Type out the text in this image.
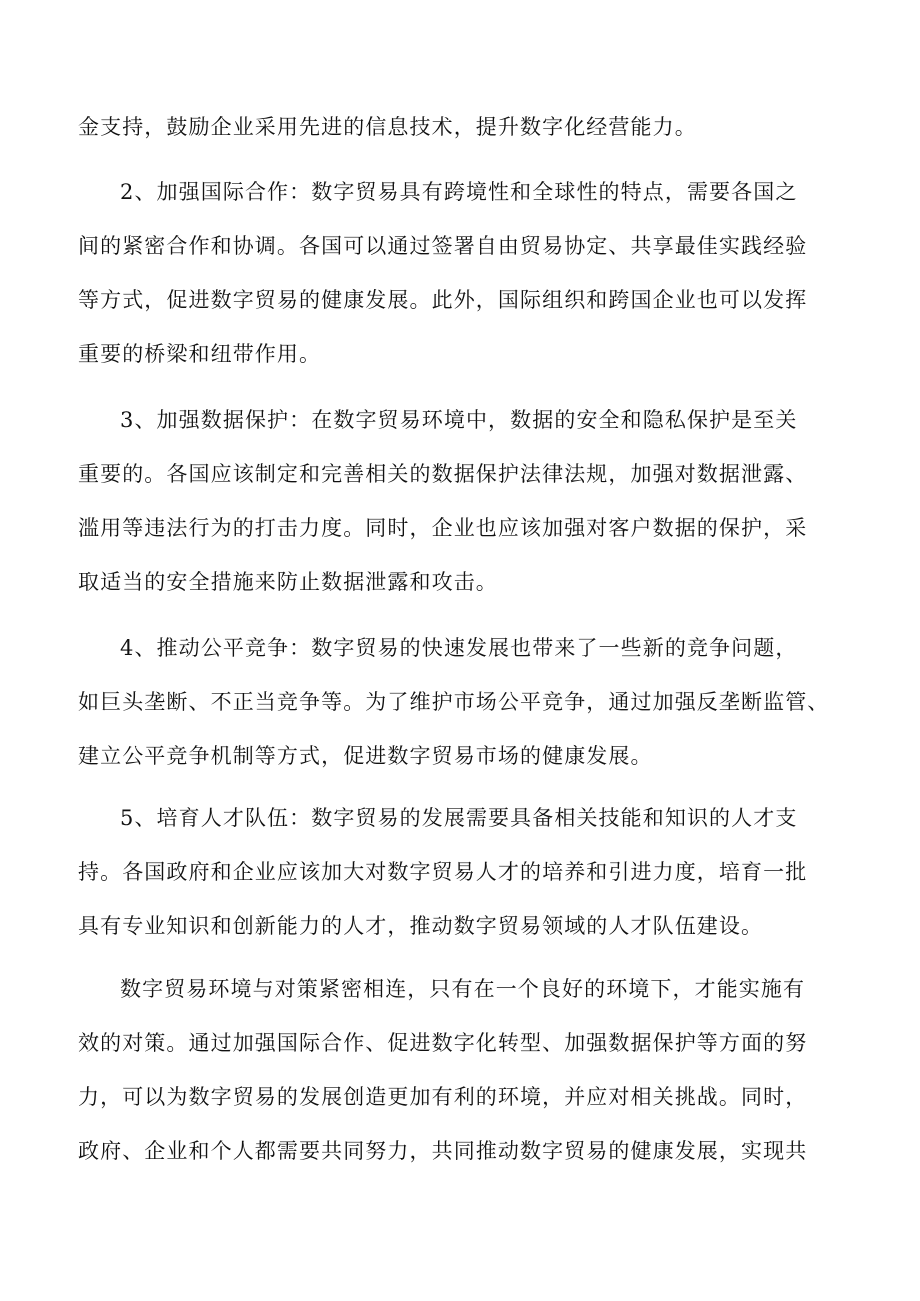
金支持，鼓励企业采用先进的信息技术，提升数字化经营能力。
2、加强国际合作：数字贸易具有跨境性和全球性的特点，需要各国之
间的紧密合作和协调。各国可以通过签署自由贸易协定、共享最佳实践经验
等方式，促进数字贸易的健康发展。此外，国际组织和跨国企业也可以发挥
重要的桥梁和纽带作用。
3、加强数据保护：在数字贸易环境中，数据的安全和隐私保护是至关
重要的。各国应该制定和完善相关的数据保护法律法规，加强对数据泄露、
滥用等违法行为的打击力度。同时，企业也应该加强对客户数据的保护，采
取适当的安全措施来防止数据泄露和攻击。
4、推动公平竞争：数字贸易的快速发展也带来了一些新的竞争问题，
如巨头垄断、不正当竞争等。为了维护市场公平竞争，通过加强反垄断监管、
建立公平竞争机制等方式，促进数字贸易市场的健康发展。
5、培育人才队伍：数字贸易的发展需要具备相关技能和知识的人才支
持。各国政府和企业应该加大对数字贸易人才的培养和引进力度，培育一批
具有专业知识和创新能力的人才，推动数字贸易领域的人才队伍建设。
数字贸易环境与对策紧密相连，只有在一个良好的环境下，才能实施有
效的对策。通过加强国际合作、促进数字化转型、加强数据保护等方面的努
力，可以为数字贸易的发展创造更加有利的环境，并应对相关挑战。同时，
政府、企业和个人都需要共同努力，共同推动数字贸易的健康发展，实现共
